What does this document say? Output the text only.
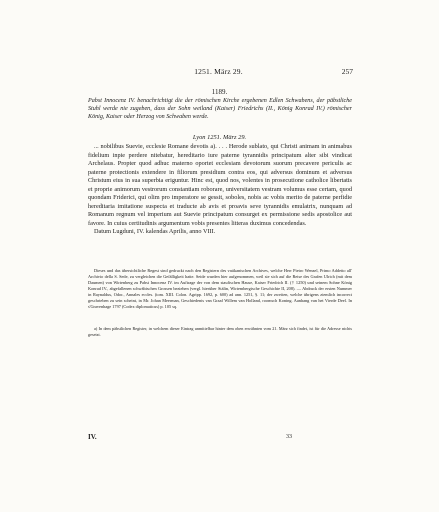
1251. März 29.	257
1189.
Pabst Innocenz IV. benachrichtigt die der römischen Kirche ergebenen Edlen Schwabens, der päbstliche Stuhl werde nie zugeben, dass der Sohn weiland (Kaiser) Friedrichs (II., König Konrad IV.) römischer König, Kaiser oder Herzog von Schwaben werde.
Lyon 1251. März 29.

... nobilibus Suevie, ecclesie Romane devotis a). . . . Herode sublato, qui Christi animam in animabus fidelium inpie perdere nitebatur, hereditario iure paterne tyrannidis principatum alter sibi vindicat Archelaus. Propter quod adhuc materno oportet ecclesiam devotorum suorum precavere periculis ac paterne protectionis extendere in filiorum presidium contra eos, qui adversus dominum et adversus Christum eius in sua superbia eriguntur. Hinc est, quod nos, volentes in prosecutione catholice libertatis et proprie animorum vestrorum constantiam roborare, universitatem vestram volumus esse certam, quod quondam Friderici, qui olim pro imperatore se gessit, soboles, nobis ac vobis merito de paterne perfidie hereditaria imitatione suspecta et traducte ab avis et proavis seve tyrannidis emulatrix, nunquam ad Romanum regnum vel imperium aut Suevie principatum consurget ex permissione sedis apostolice aut favore. In cuius certitudinis argumentum vobis presentes litteras duximus concedendas.

Datum Lugduni, IV. kalendas Aprilis, anno VIII.

Dieses und das übersichtliche Regest sind gedruckt nach den Registern des vatikanischen Archives, welche Herr Pietro Wenzel, Primo Addetto all' Archivio della S. Sede, zu vergleichen die Gefälligkeit hatte. Seide wurden hier aufgenommen, weil sie sich auf die Reise des Grafen Ulrich (mit dem Daumen) von Wirtenberg zu Pabst Innocenz IV. im Auftrage der von dem staufischen Hause, Kaiser Friedrich II. († 1250) und seinem Sohne König Konrad IV., abgefallenen schwäbischen Grossen beziehen (vergl. hierüber Stälin, Wirtembergische Geschichte II, 208). — Abdruck der ersten Nummer in Raynaldus, Odor., Annales eccles. (tom. XIII. Colon. Agripp. 1692, p. 600) ad ann. 1251, §. 11; der zweiten, welche übrigens ziemlich incorrect geschrieben zu sein scheint, in Mr. Johan Meerman, Geschiedenis van Graaf Willem van Holland, roomsch Koning. Aanhang van het Vierde Deel. In s'Gravenhage 1797 (Codex diplomaticus) p. 105 sq.

a) In dem päbstlichen Register, in welchem dieser Eintrag unmittelbar hinter dem oben erwähnten vom 21. März sich findet, ist für die Adresse nichts gesetzt.

IV.	33
